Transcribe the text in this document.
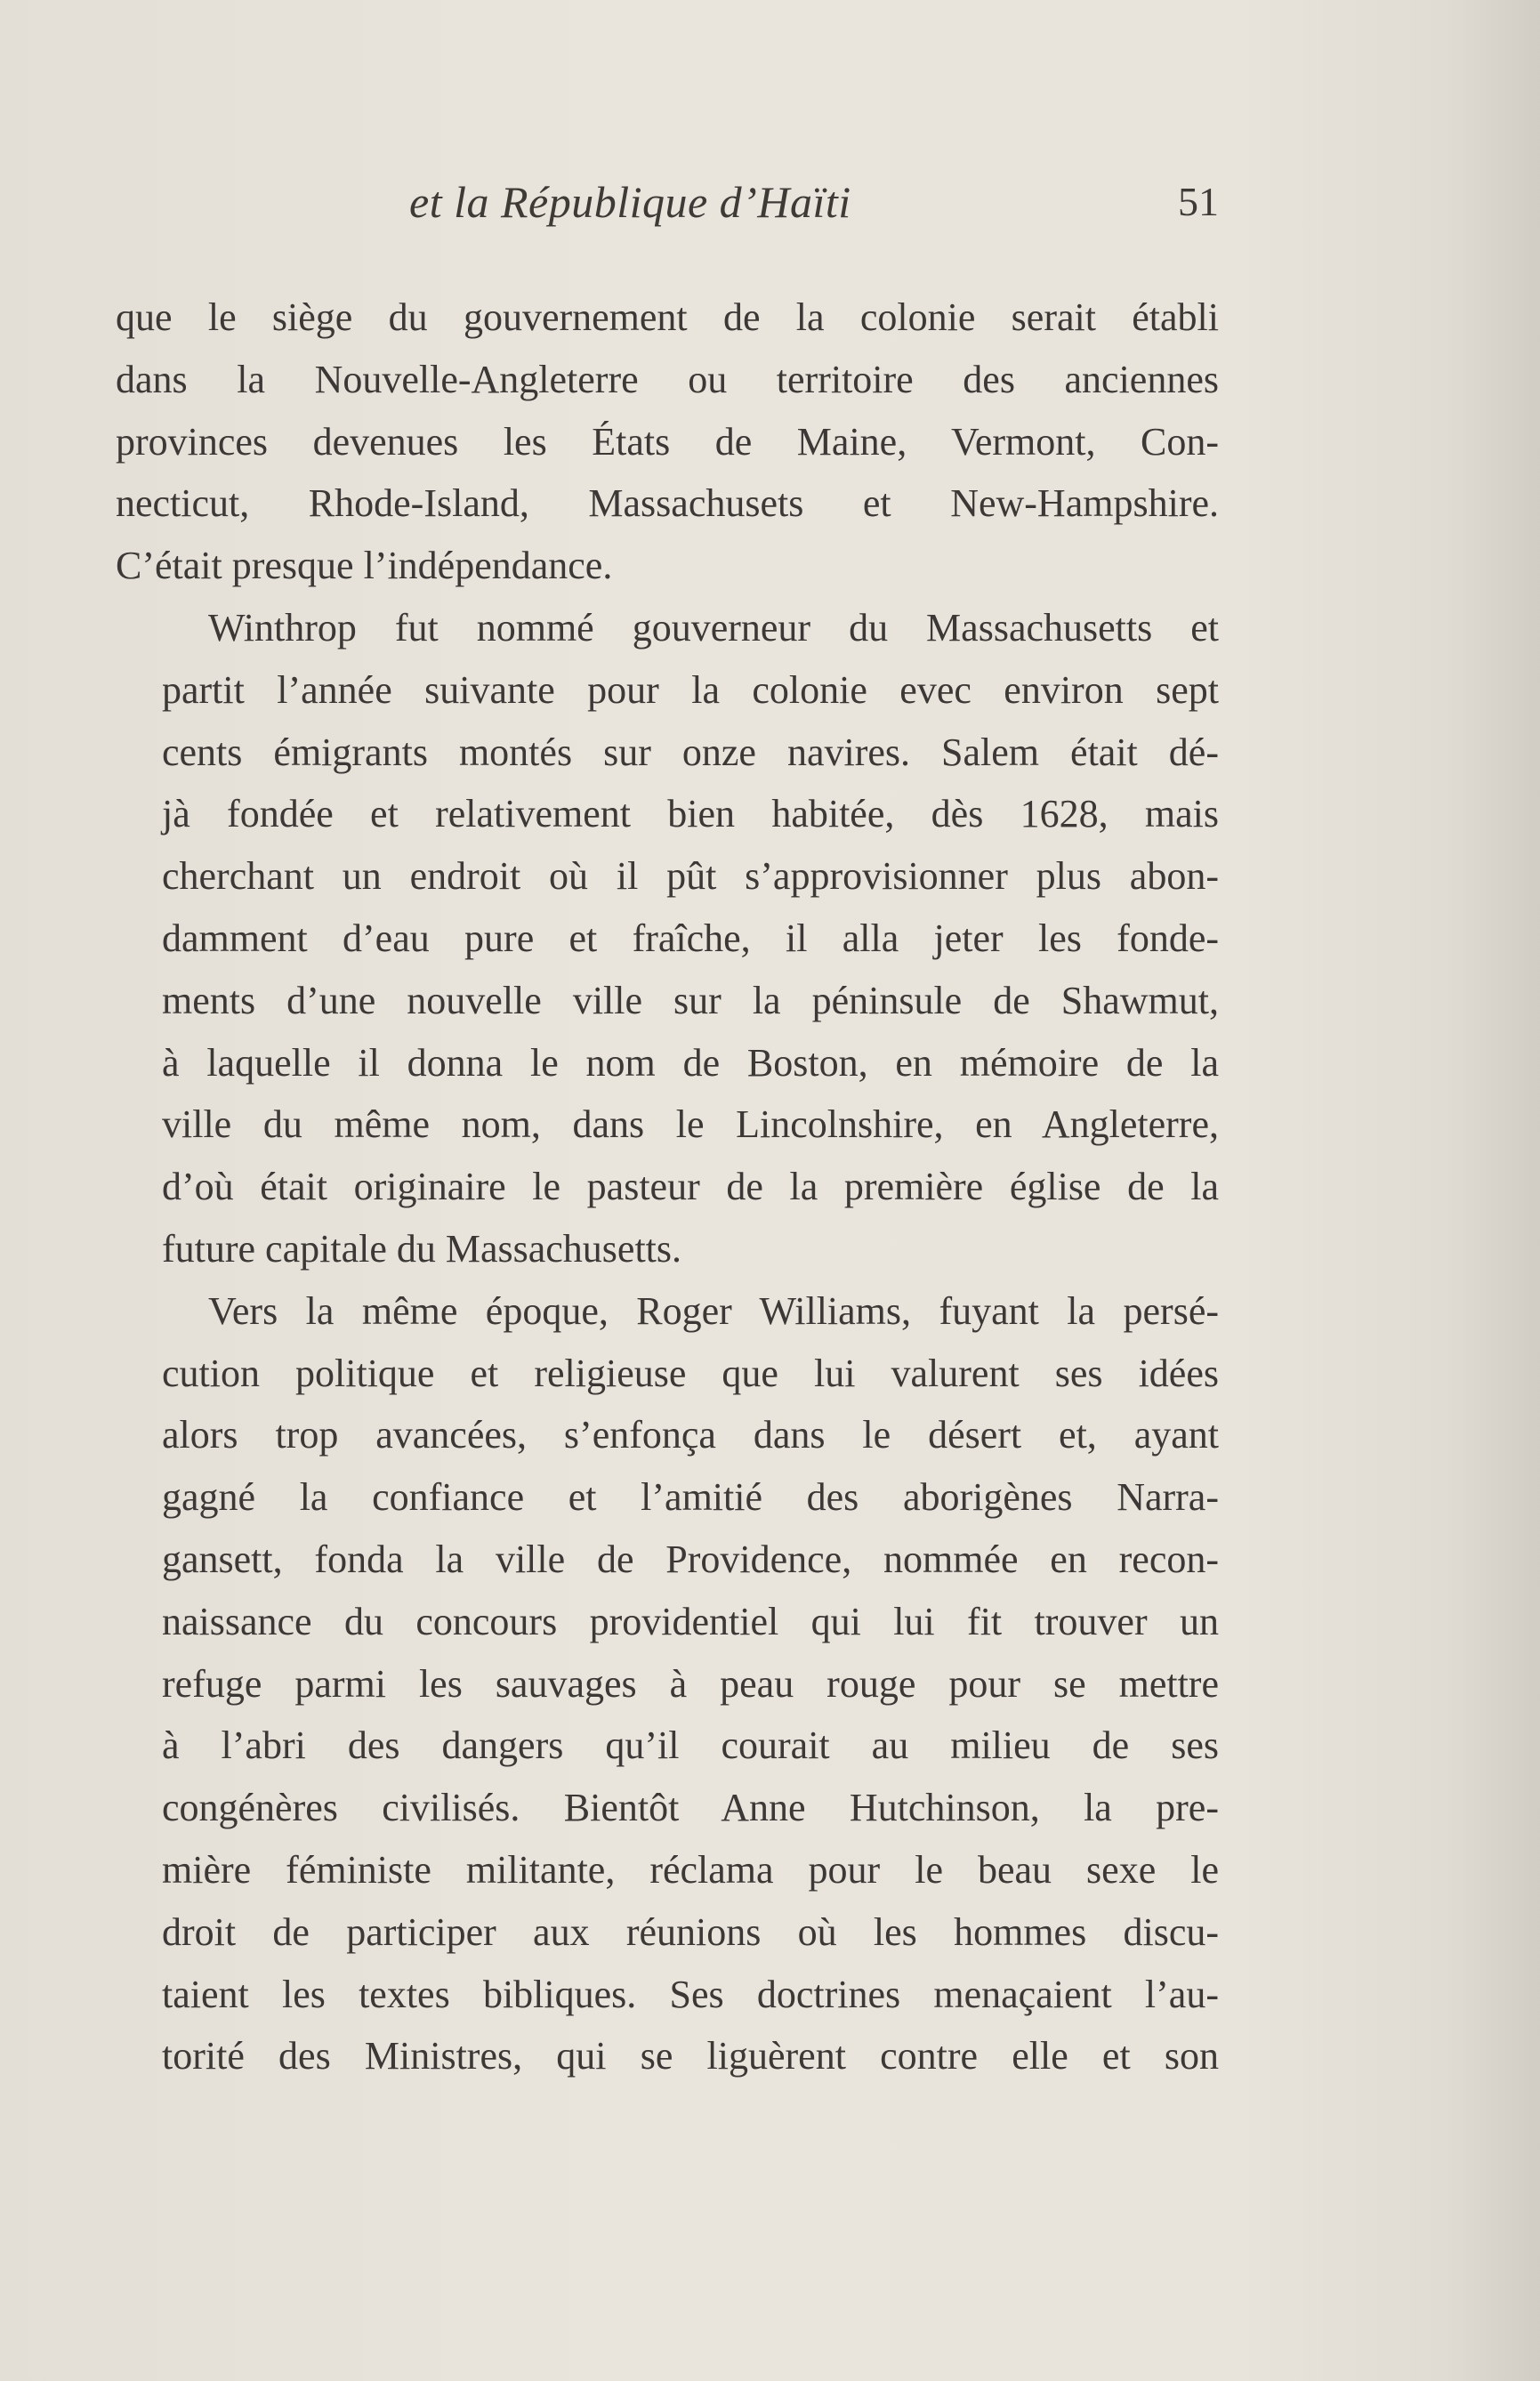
et la République d’Haïti	51
que le siège du gouvernement de la colonie serait établi
dans la Nouvelle-Angleterre ou territoire des anciennes
provinces devenues les États de Maine, Vermont, Con-
necticut, Rhode-Island, Massachusets et New-Hampshire.
C’était presque l’indépendance.
Winthrop fut nommé gouverneur du Massachusetts et
partit l’année suivante pour la colonie evec environ sept
cents émigrants montés sur onze navires. Salem était dé-
jà fondée et relativement bien habitée, dès 1628, mais
cherchant un endroit où il pût s’approvisionner plus abon-
damment d’eau pure et fraîche, il alla jeter les fonde-
ments d’une nouvelle ville sur la péninsule de Shawmut,
à laquelle il donna le nom de Boston, en mémoire de la
ville du même nom, dans le Lincolnshire, en Angleterre,
d’où était originaire le pasteur de la première église de la
future capitale du Massachusetts.
Vers la même époque, Roger Williams, fuyant la persé-
cution politique et religieuse que lui valurent ses idées
alors trop avancées, s’enfonça dans le désert et, ayant
gagné la confiance et l’amitié des aborigènes Narra-
gansett, fonda la ville de Providence, nommée en recon-
naissance du concours providentiel qui lui fit trouver un
refuge parmi les sauvages à peau rouge pour se mettre
à l’abri des dangers qu’il courait au milieu de ses
congénères civilisés. Bientôt Anne Hutchinson, la pre-
mière féministe militante, réclama pour le beau sexe le
droit de participer aux réunions où les hommes discu-
taient les textes bibliques. Ses doctrines menaçaient l’au-
torité des Ministres, qui se liguèrent contre elle et son
